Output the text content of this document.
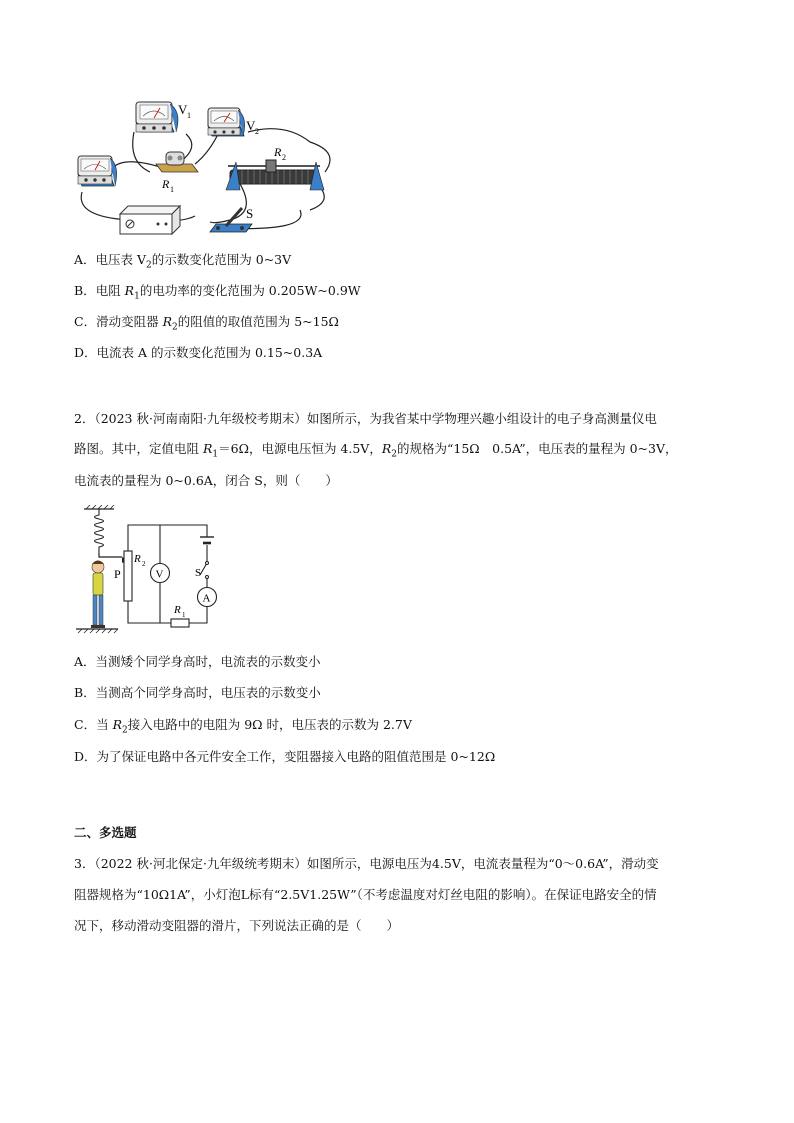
V 1
V 2
R 1
R 2
S
A．电压表 $V_2$的示数变化范围为 0~3V
B．电阻 $R_1$的电功率的变化范围为 0.205W~0.9W
C．滑动变阻器 $R_2$的阻值的取值范围为 5~15Ω
D．电流表 A 的示数变化范围为 0.15~0.3A
2．（2023 秋·河南南阳·九年级校考期末）如图所示，为我省某中学物理兴趣小组设计的电子身高测量仪电
路图。其中，定值电阻 $R_1=6\Omega$，电源电压恒为 4.5V，$R_2$的规格为“15Ω　0.5A”，电压表的量程为 0~3V，
电流表的量程为 0~0.6A，闭合 S，则（　　）
P
R 2
S
V
A
R 1
A．当测矮个同学身高时，电流表的示数变小
B．当测高个同学身高时，电压表的示数变小
C．当 $R_2$接入电路中的电阻为 9Ω 时，电压表的示数为 2.7V
D．为了保证电路中各元件安全工作，变阻器接入电路的阻值范围是 0~12Ω
二、多选题
3．（2022 秋·河北保定·九年级统考期末）如图所示，电源电压为4.5V，电流表量程为“0～0.6A”，滑动变
阻器规格为“10Ω1A”，小灯泡L标有“2.5V1.25W”（不考虑温度对灯丝电阻的影响）。在保证电路安全的情
况下，移动滑动变阻器的滑片，下列说法正确的是（　　）
